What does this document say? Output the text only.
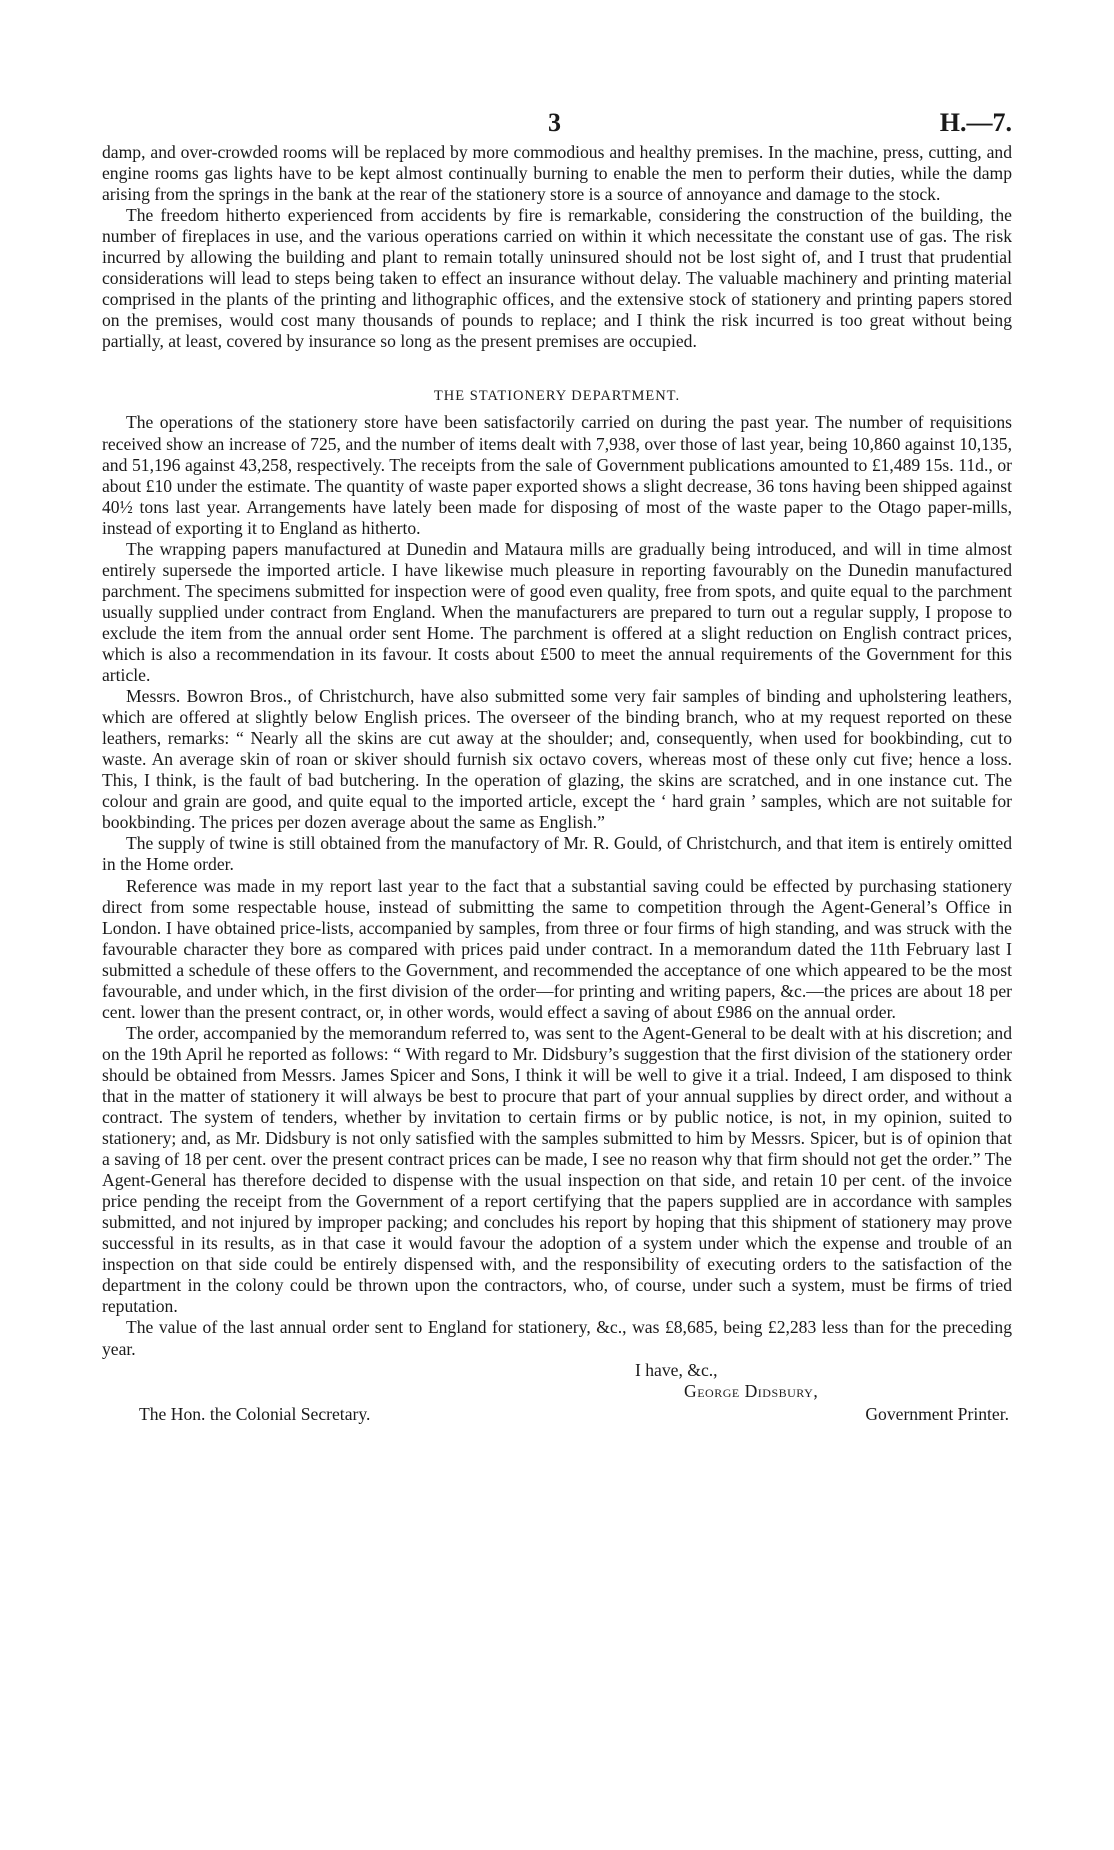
3	H.—7.

damp, and over-crowded rooms will be replaced by more commodious and healthy premises. In the machine, press, cutting, and engine rooms gas lights have to be kept almost continually burning to enable the men to perform their duties, while the damp arising from the springs in the bank at the rear of the stationery store is a source of annoyance and damage to the stock.

The freedom hitherto experienced from accidents by fire is remarkable, considering the construction of the building, the number of fireplaces in use, and the various operations carried on within it which necessitate the constant use of gas. The risk incurred by allowing the building and plant to remain totally uninsured should not be lost sight of, and I trust that prudential considerations will lead to steps being taken to effect an insurance without delay. The valuable machinery and printing material comprised in the plants of the printing and lithographic offices, and the extensive stock of stationery and printing papers stored on the premises, would cost many thousands of pounds to replace; and I think the risk incurred is too great without being partially, at least, covered by insurance so long as the present premises are occupied.

THE STATIONERY DEPARTMENT.

The operations of the stationery store have been satisfactorily carried on during the past year. The number of requisitions received show an increase of 725, and the number of items dealt with 7,938, over those of last year, being 10,860 against 10,135, and 51,196 against 43,258, respectively. The receipts from the sale of Government publications amounted to £1,489 15s. 11d., or about £10 under the estimate. The quantity of waste paper exported shows a slight decrease, 36 tons having been shipped against 40½ tons last year. Arrangements have lately been made for disposing of most of the waste paper to the Otago paper-mills, instead of exporting it to England as hitherto.

The wrapping papers manufactured at Dunedin and Mataura mills are gradually being introduced, and will in time almost entirely supersede the imported article. I have likewise much pleasure in reporting favourably on the Dunedin manufactured parchment. The specimens submitted for inspection were of good even quality, free from spots, and quite equal to the parchment usually supplied under contract from England. When the manufacturers are prepared to turn out a regular supply, I propose to exclude the item from the annual order sent Home. The parchment is offered at a slight reduction on English contract prices, which is also a recommendation in its favour. It costs about £500 to meet the annual requirements of the Government for this article.

Messrs. Bowron Bros., of Christchurch, have also submitted some very fair samples of binding and upholstering leathers, which are offered at slightly below English prices. The overseer of the binding branch, who at my request reported on these leathers, remarks: “ Nearly all the skins are cut away at the shoulder; and, consequently, when used for bookbinding, cut to waste. An average skin of roan or skiver should furnish six octavo covers, whereas most of these only cut five; hence a loss. This, I think, is the fault of bad butchering. In the operation of glazing, the skins are scratched, and in one instance cut. The colour and grain are good, and quite equal to the imported article, except the ‘ hard grain ’ samples, which are not suitable for bookbinding. The prices per dozen average about the same as English.”

The supply of twine is still obtained from the manufactory of Mr. R. Gould, of Christchurch, and that item is entirely omitted in the Home order.

Reference was made in my report last year to the fact that a substantial saving could be effected by purchasing stationery direct from some respectable house, instead of submitting the same to competition through the Agent-General’s Office in London. I have obtained price-lists, accompanied by samples, from three or four firms of high standing, and was struck with the favourable character they bore as compared with prices paid under contract. In a memorandum dated the 11th February last I submitted a schedule of these offers to the Government, and recommended the acceptance of one which appeared to be the most favourable, and under which, in the first division of the order—for printing and writing papers, &c.—the prices are about 18 per cent. lower than the present contract, or, in other words, would effect a saving of about £986 on the annual order.

The order, accompanied by the memorandum referred to, was sent to the Agent-General to be dealt with at his discretion; and on the 19th April he reported as follows: “ With regard to Mr. Didsbury’s suggestion that the first division of the stationery order should be obtained from Messrs. James Spicer and Sons, I think it will be well to give it a trial. Indeed, I am disposed to think that in the matter of stationery it will always be best to procure that part of your annual supplies by direct order, and without a contract. The system of tenders, whether by invitation to certain firms or by public notice, is not, in my opinion, suited to stationery; and, as Mr. Didsbury is not only satisfied with the samples submitted to him by Messrs. Spicer, but is of opinion that a saving of 18 per cent. over the present contract prices can be made, I see no reason why that firm should not get the order.” The Agent-General has therefore decided to dispense with the usual inspection on that side, and retain 10 per cent. of the invoice price pending the receipt from the Government of a report certifying that the papers supplied are in accordance with samples submitted, and not injured by improper packing; and concludes his report by hoping that this shipment of stationery may prove successful in its results, as in that case it would favour the adoption of a system under which the expense and trouble of an inspection on that side could be entirely dispensed with, and the responsibility of executing orders to the satisfaction of the department in the colony could be thrown upon the contractors, who, of course, under such a system, must be firms of tried reputation.

The value of the last annual order sent to England for stationery, &c., was £8,685, being £2,283 less than for the preceding year.

I have, &c.,
George Didsbury,
The Hon. the Colonial Secretary.	Government Printer.
